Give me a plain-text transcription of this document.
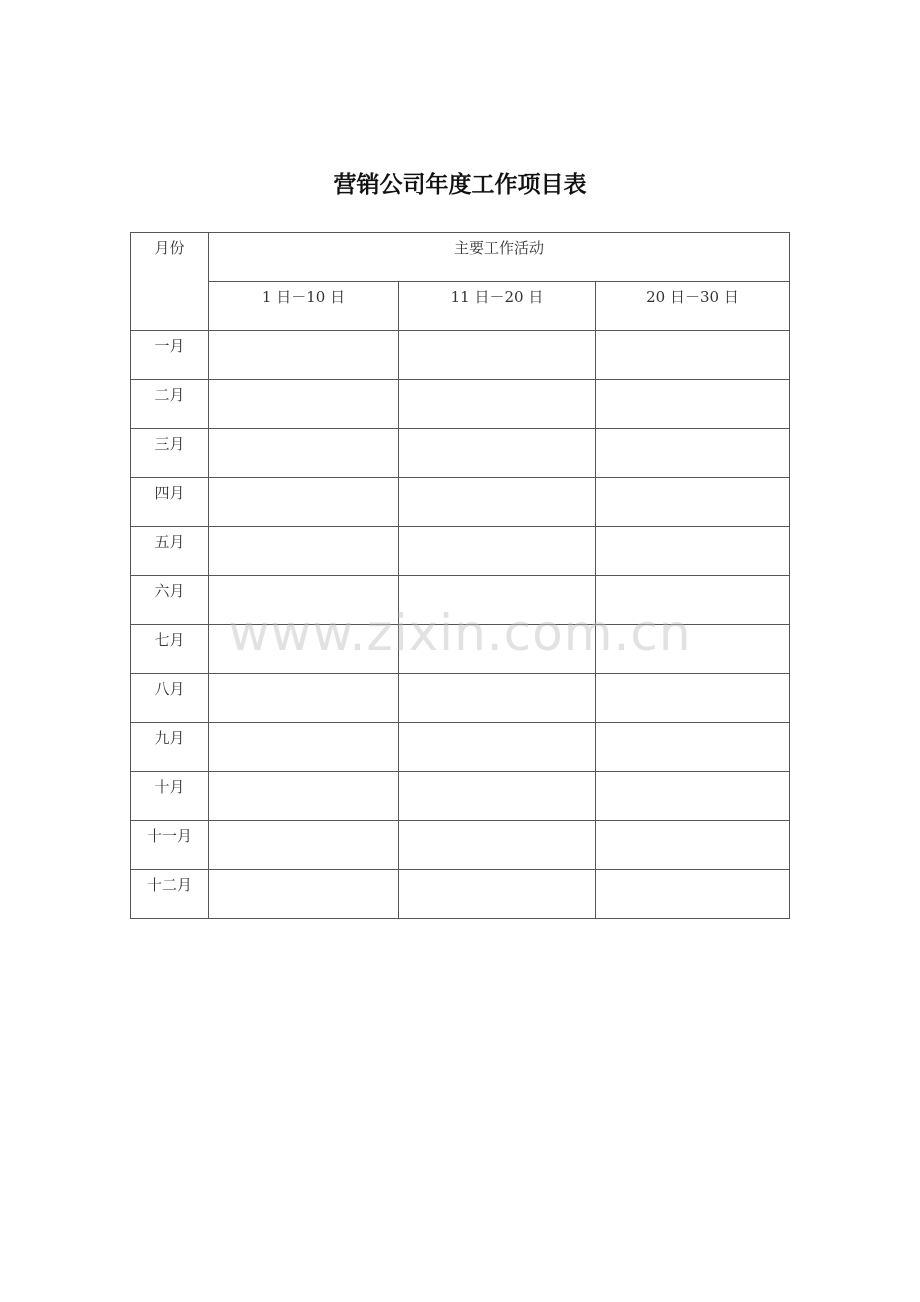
营销公司年度工作项目表
月份	主要工作活动		
	1 日－10 日	11 日－20 日	20 日－30 日
一月			
二月			
三月			
四月			
五月			
六月			
七月			
八月			
九月			
十月			
十一月			
十二月			
www.zixin.com.cn
